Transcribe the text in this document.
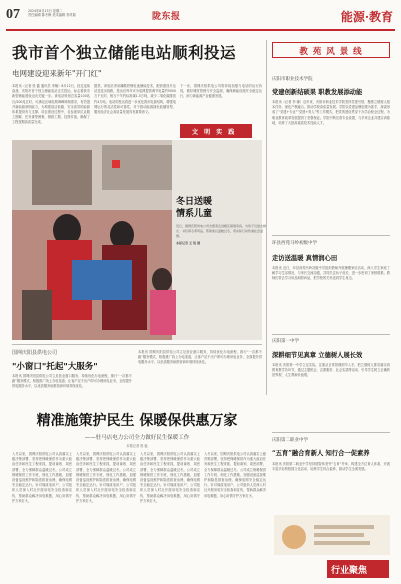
07	2024年8月13日 星期二
责任编辑 陈冬梅 美术编辑 李祥瑞	陇东报	能源·教育
我市首个独立储能电站顺利投运
电网建设迎来新年"开门红"
本报讯（记者 张 鑫 通讯员 李楠）8月12日，经过连续奋战，庆阳市首个独立储能电站正式投运，标志着我市新型储能建设迈出关键一步。该电站规划总容量100兆瓦/200兆瓦时，可满足区域电网调峰调频需求，有效提升新能源消纳能力，为构建清洁低碳、安全高效的能源体系提供有力支撑。项目建设过程中，各参建单位克服工期紧、任务重等困难，倒排工期、挂图作战，确保了工程按期高质量完成。
据悉，该电站采用磷酸铁锂电池储能技术，配套建设升压站及送出线路，投运后每年可为电网提供调节电量约5000万千瓦时，相当于节约标准煤1.5万吨，减少二氧化碳排放约4万吨。电站的投运将进一步优化我市电源结构，增强电网运行的灵活性和可靠性，对于推动能源绿色低碳转型、服务经济社会高质量发展具有重要意义。
下一步，国网庆阳供电公司将持续加强与电站的运行协同，做好调度管理与安全监测，确保储能设施安全稳定运行，助力新能源产业健康发展。
文 明 实 践
冬日送暖
情系儿童
近日，国网庆阳供电公司志愿者走进辖区困难家庭，为孩子们送去棉衣、书包等冬季用品，帮助他们温暖过冬，用实际行动传递社会温情。
本报记者 王 锐 摄
教 苑 风 景 线
庆阳市职业技术学院
党建创新结硕果 职教发展添动能
本报讯（记者 李 娜）近年来，庆阳市职业技术学院坚持党建引领，聚焦立德树人根本任务，深化产教融合，推动学校高质量发展。学院以党建品牌创建为抓手，探索形成了“党建+专业”“党建+育人”等工作模式，把党的建设贯穿于办学治校全过程，为职业教育改革发展提供了坚强保证。学院不断完善专业设置，与多家企业共建实训基地，培养了大批高素质技术技能人才。
环县西苑马岭初级中学
走访送温暖 真情润心田
本报讯 近日，环县西苑马岭初级中学组织教师开展暑期家访活动，深入学生家庭了解学习生活情况，与家长交流沟通，共同关注孩子成长，进一步密切了家校联系。教师们带去学习用品和慰问品，把学校的关怀送到学生身边。
庆阳第一中学
深耕细节见真章 立德树人展长效
本报讯 庆阳第一中学立足实际，注重从日常管理细节入手，把立德树人要求落实到教育教学各环节，通过主题班会、志愿服务、社会实践等活动，引导学生树立正确的世界观、人生观和价值观。
庆阳第二职业中学
“五育”融合育新人 知行合一促素养
本报讯 庆阳第二职业中学坚持德智体美劳“五育”并举，构建全方位育人体系，开展丰富多彩的校园文化活动，培养学生综合素养，推动学生全面发展。
国网庆阳县供电公司
"小窗口"托起"大服务"
本报讯 国网庆阳县供电公司立足营业窗口服务，持续优化办电流程，推行“一次都不跑”服务模式，积极推广线上办电渠道，让客户足不出户即可办理用电业务，全面提升供电服务水平，以优质服务助推营商环境持续优化。
本报讯 国网庆阳县供电公司立足营业窗口服务，持续优化办电流程，推行“一次都不跑”服务模式，积极推广线上办电渠道，让客户足不出户即可办理用电业务，全面提升供电服务水平，以优质服务助推营商环境持续优化。
精准施策护民生 保暖保供惠万家
——驻马店电力公司全力做好民生保暖工作
本报记者 郭 毅
入冬以来，国网庆阳供电公司认真落实上级决策部署，坚持把保暖保供作为重大政治任务和民生工程来抓，提前谋划、周密部署，全力保障群众温暖过冬。公司成立保暖保供工作专班，细化工作措施，加强设备巡视维护和隐患排查治理，确保电网安全稳定运行。针对煤改电用户，公司组织人员深入村社开展用电安全检查和宣传，帮助群众解决用电难题，用心用情守护万家灯火。
入冬以来，国网庆阳供电公司认真落实上级决策部署，坚持把保暖保供作为重大政治任务和民生工程来抓，提前谋划、周密部署，全力保障群众温暖过冬。公司成立保暖保供工作专班，细化工作措施，加强设备巡视维护和隐患排查治理，确保电网安全稳定运行。针对煤改电用户，公司组织人员深入村社开展用电安全检查和宣传，帮助群众解决用电难题，用心用情守护万家灯火。
入冬以来，国网庆阳供电公司认真落实上级决策部署，坚持把保暖保供作为重大政治任务和民生工程来抓，提前谋划、周密部署，全力保障群众温暖过冬。公司成立保暖保供工作专班，细化工作措施，加强设备巡视维护和隐患排查治理，确保电网安全稳定运行。针对煤改电用户，公司组织人员深入村社开展用电安全检查和宣传，帮助群众解决用电难题，用心用情守护万家灯火。
入冬以来，国网庆阳供电公司认真落实上级决策部署，坚持把保暖保供作为重大政治任务和民生工程来抓，提前谋划、周密部署，全力保障群众温暖过冬。公司成立保暖保供工作专班，细化工作措施，加强设备巡视维护和隐患排查治理，确保电网安全稳定运行。针对煤改电用户，公司组织人员深入村社开展用电安全检查和宣传，帮助群众解决用电难题，用心用情守护万家灯火。
行业聚焦
